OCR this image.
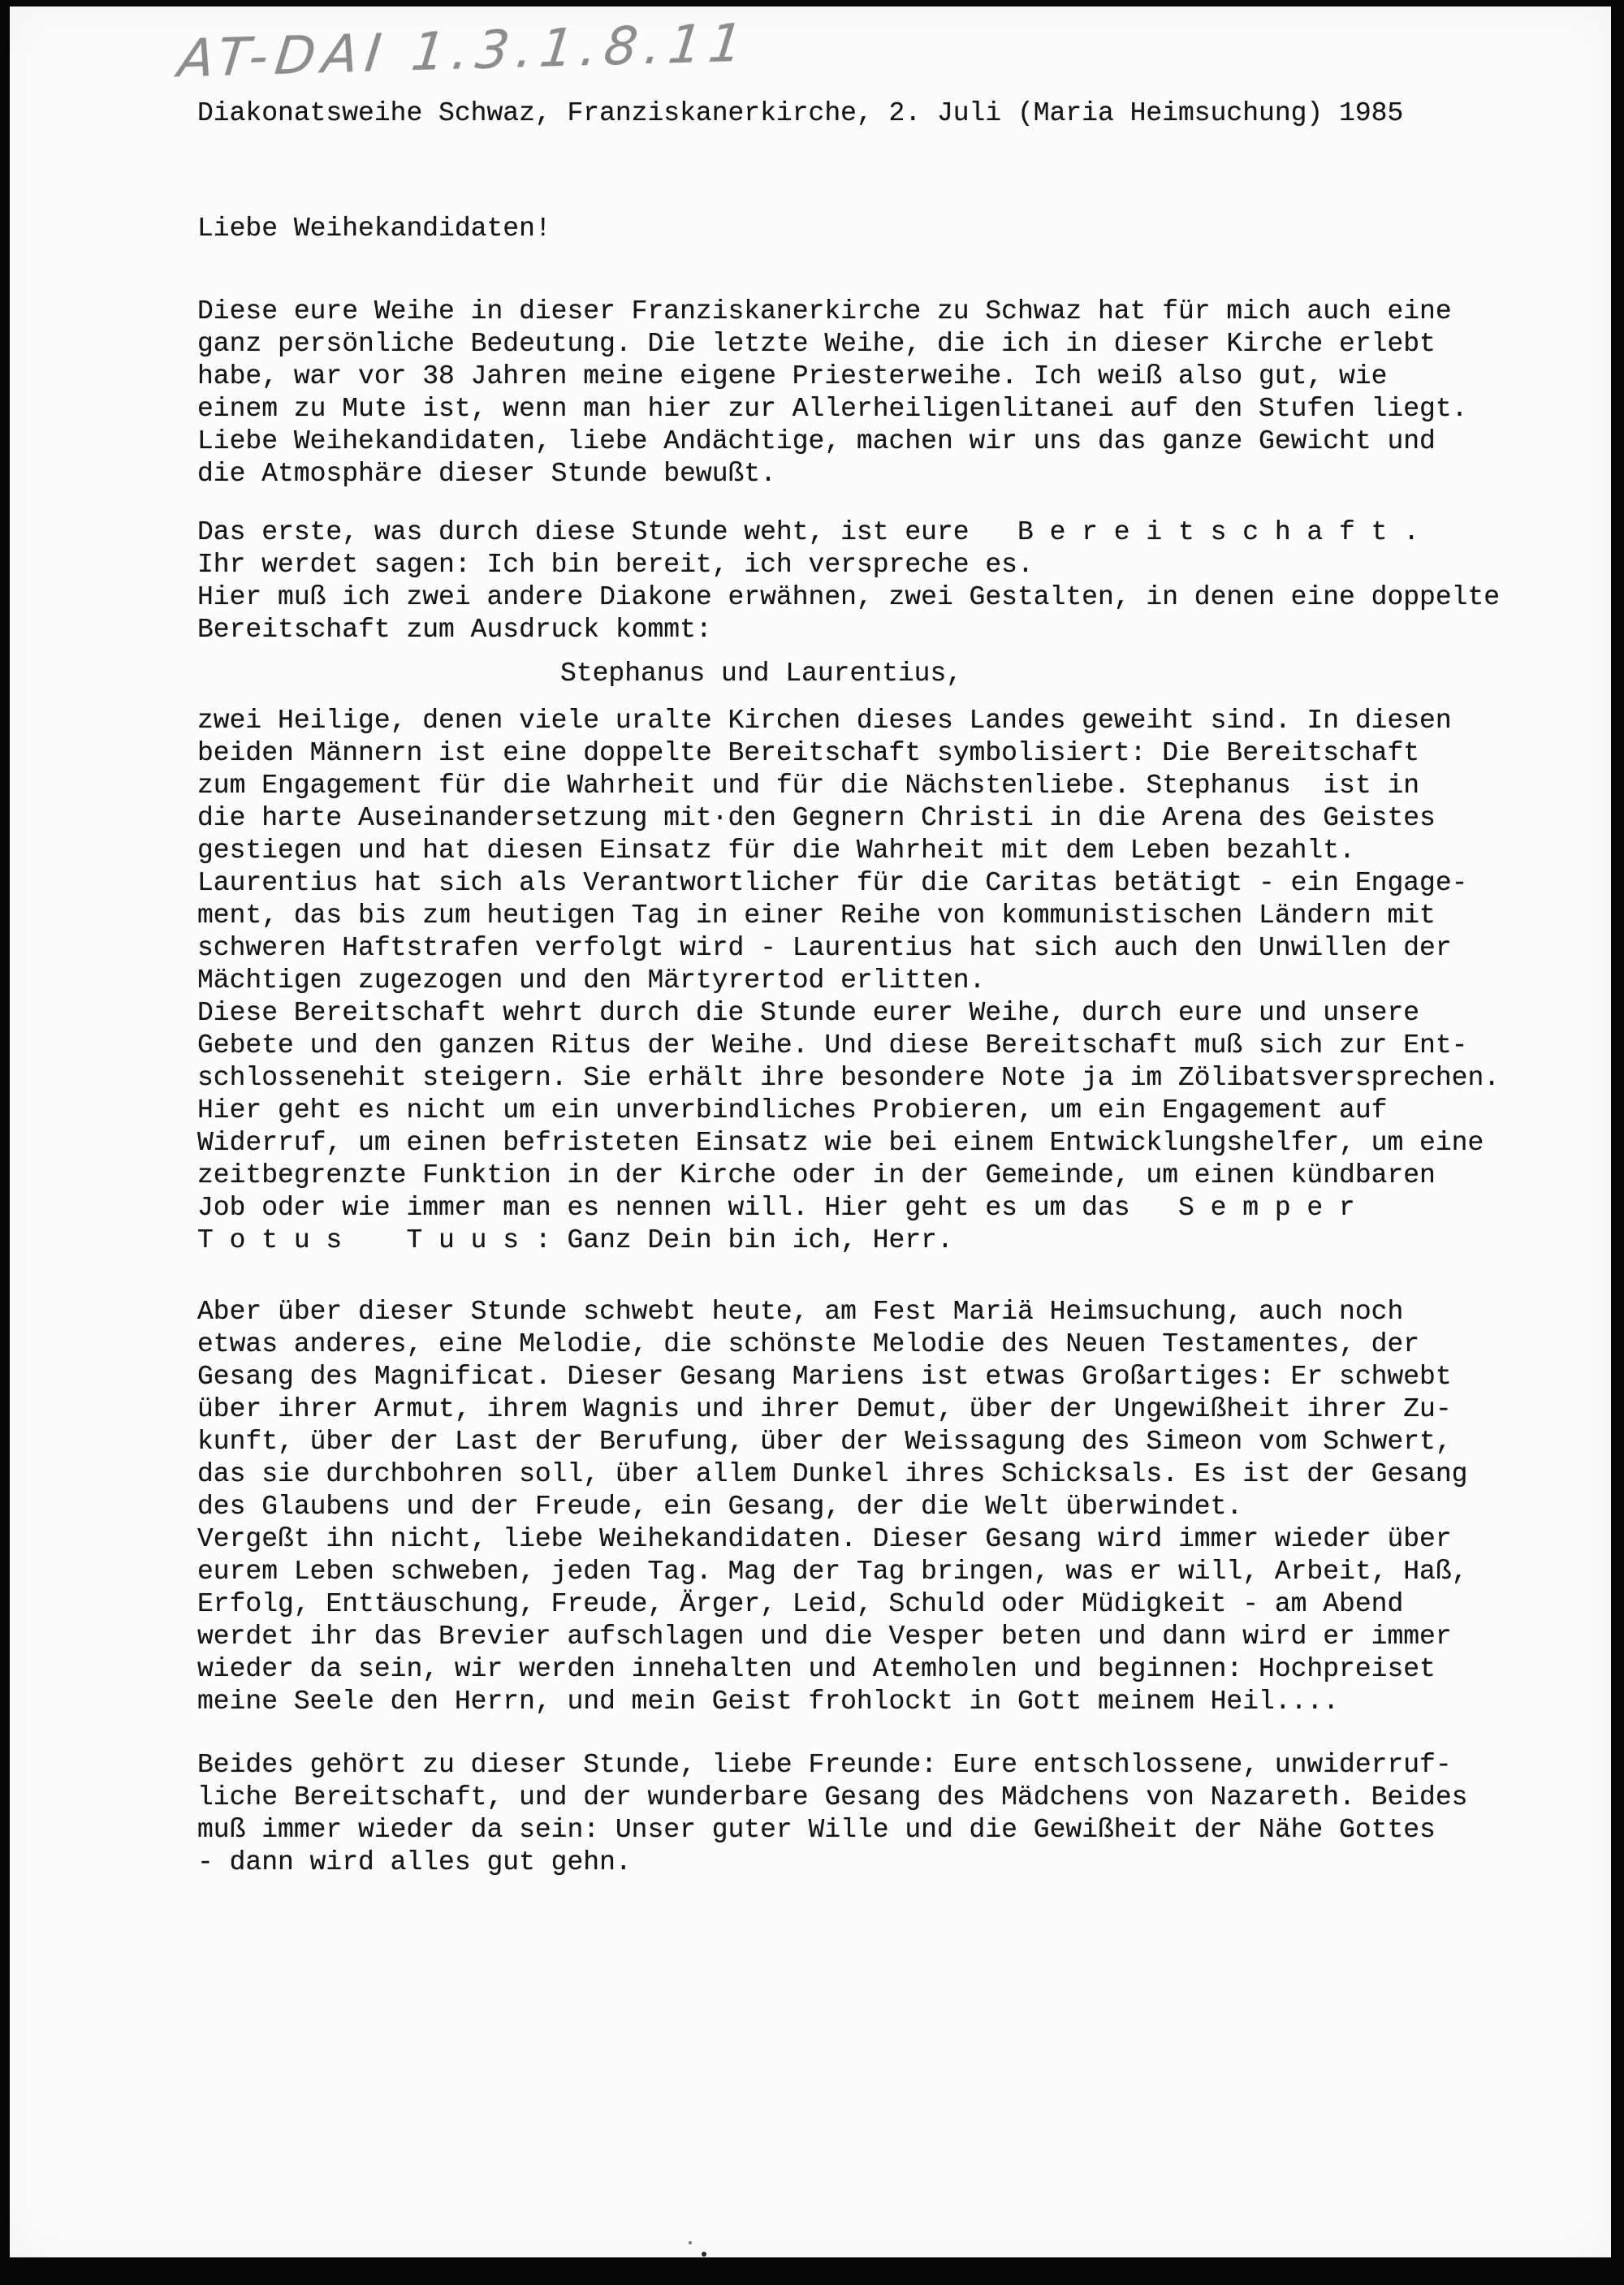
AT-DAI 1.3.1.8.11
Diakonatsweihe Schwaz, Franziskanerkirche, 2. Juli (Maria Heimsuchung) 1985
Liebe Weihekandidaten!
Diese eure Weihe in dieser Franziskanerkirche zu Schwaz hat für mich auch eine
ganz persönliche Bedeutung. Die letzte Weihe, die ich in dieser Kirche erlebt
habe, war vor 38 Jahren meine eigene Priesterweihe. Ich weiß also gut, wie
einem zu Mute ist, wenn man hier zur Allerheiligenlitanei auf den Stufen liegt.
Liebe Weihekandidaten, liebe Andächtige, machen wir uns das ganze Gewicht und
die Atmosphäre dieser Stunde bewußt.
Das erste, was durch diese Stunde weht, ist eure   B e r e i t s c h a f t .
Ihr werdet sagen: Ich bin bereit, ich verspreche es.
Hier muß ich zwei andere Diakone erwähnen, zwei Gestalten, in denen eine doppelte
Bereitschaft zum Ausdruck kommt:
Stephanus und Laurentius,
zwei Heilige, denen viele uralte Kirchen dieses Landes geweiht sind. In diesen
beiden Männern ist eine doppelte Bereitschaft symbolisiert: Die Bereitschaft
zum Engagement für die Wahrheit und für die Nächstenliebe. Stephanus  ist in
die harte Auseinandersetzung mit·den Gegnern Christi in die Arena des Geistes
gestiegen und hat diesen Einsatz für die Wahrheit mit dem Leben bezahlt.
Laurentius hat sich als Verantwortlicher für die Caritas betätigt - ein Engage-
ment, das bis zum heutigen Tag in einer Reihe von kommunistischen Ländern mit
schweren Haftstrafen verfolgt wird - Laurentius hat sich auch den Unwillen der
Mächtigen zugezogen und den Märtyrertod erlitten.
Diese Bereitschaft wehrt durch die Stunde eurer Weihe, durch eure und unsere
Gebete und den ganzen Ritus der Weihe. Und diese Bereitschaft muß sich zur Ent-
schlossenehit steigern. Sie erhält ihre besondere Note ja im Zölibatsversprechen.
Hier geht es nicht um ein unverbindliches Probieren, um ein Engagement auf
Widerruf, um einen befristeten Einsatz wie bei einem Entwicklungshelfer, um eine
zeitbegrenzte Funktion in der Kirche oder in der Gemeinde, um einen kündbaren
Job oder wie immer man es nennen will. Hier geht es um das   S e m p e r
T o t u s    T u u s : Ganz Dein bin ich, Herr.
Aber über dieser Stunde schwebt heute, am Fest Mariä Heimsuchung, auch noch
etwas anderes, eine Melodie, die schönste Melodie des Neuen Testamentes, der
Gesang des Magnificat. Dieser Gesang Mariens ist etwas Großartiges: Er schwebt
über ihrer Armut, ihrem Wagnis und ihrer Demut, über der Ungewißheit ihrer Zu-
kunft, über der Last der Berufung, über der Weissagung des Simeon vom Schwert,
das sie durchbohren soll, über allem Dunkel ihres Schicksals. Es ist der Gesang
des Glaubens und der Freude, ein Gesang, der die Welt überwindet.
Vergeßt ihn nicht, liebe Weihekandidaten. Dieser Gesang wird immer wieder über
eurem Leben schweben, jeden Tag. Mag der Tag bringen, was er will, Arbeit, Haß,
Erfolg, Enttäuschung, Freude, Ärger, Leid, Schuld oder Müdigkeit - am Abend
werdet ihr das Brevier aufschlagen und die Vesper beten und dann wird er immer
wieder da sein, wir werden innehalten und Atemholen und beginnen: Hochpreiset
meine Seele den Herrn, und mein Geist frohlockt in Gott meinem Heil....
Beides gehört zu dieser Stunde, liebe Freunde: Eure entschlossene, unwiderruf-
liche Bereitschaft, und der wunderbare Gesang des Mädchens von Nazareth. Beides
muß immer wieder da sein: Unser guter Wille und die Gewißheit der Nähe Gottes
- dann wird alles gut gehn.
